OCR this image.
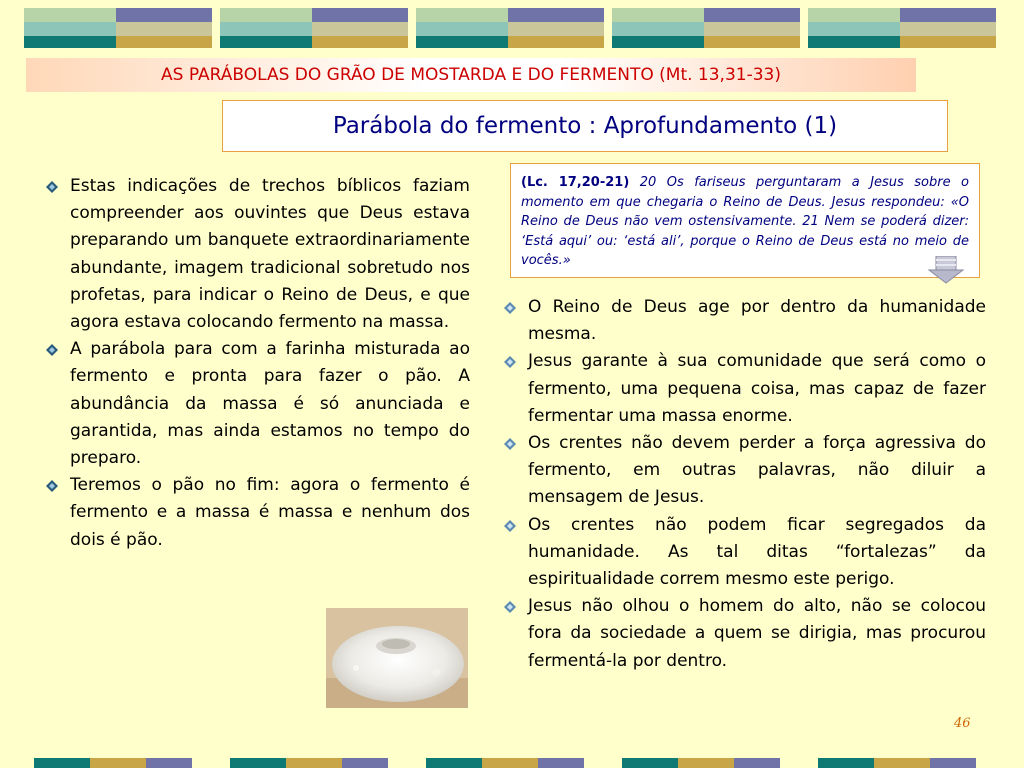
AS PARÁBOLAS DO GRÃO DE MOSTARDA E DO FERMENTO (Mt. 13,31-33)
Parábola do fermento : Aprofundamento (1)
Estas indicações de trechos bíblicos faziam compreender aos ouvintes que Deus estava preparando um banquete extraordinariamente abundante, imagem tradicional sobretudo nos profetas, para indicar o Reino de Deus, e que agora estava colocando fermento na massa.
A parábola para com a farinha misturada ao fermento e pronta para fazer o pão. A abundância da massa é só anunciada e garantida, mas ainda estamos no tempo do preparo.
Teremos o pão no fim: agora o fermento é fermento e a massa é massa e nenhum dos dois é pão.
(Lc. 17,20-21) 20 Os fariseus perguntaram a Jesus sobre o momento em que chegaria o Reino de Deus. Jesus respondeu: «O Reino de Deus não vem ostensivamente. 21 Nem se poderá dizer: ‘Está aqui’ ou: ‘está ali’, porque o Reino de Deus está no meio de vocês.»
O Reino de Deus age por dentro da humanidade mesma.
Jesus garante à sua comunidade que será como o fermento, uma pequena coisa, mas capaz de fazer fermentar uma massa enorme.
Os crentes não devem perder a força agressiva do fermento, em outras palavras, não diluir a mensagem de Jesus.
Os crentes não podem ficar segregados da humanidade. As tal ditas “fortalezas” da espiritualidade correm mesmo este perigo.
Jesus não olhou o homem do alto, não se colocou fora da sociedade a quem se dirigia, mas procurou fermentá-la por dentro.
46
